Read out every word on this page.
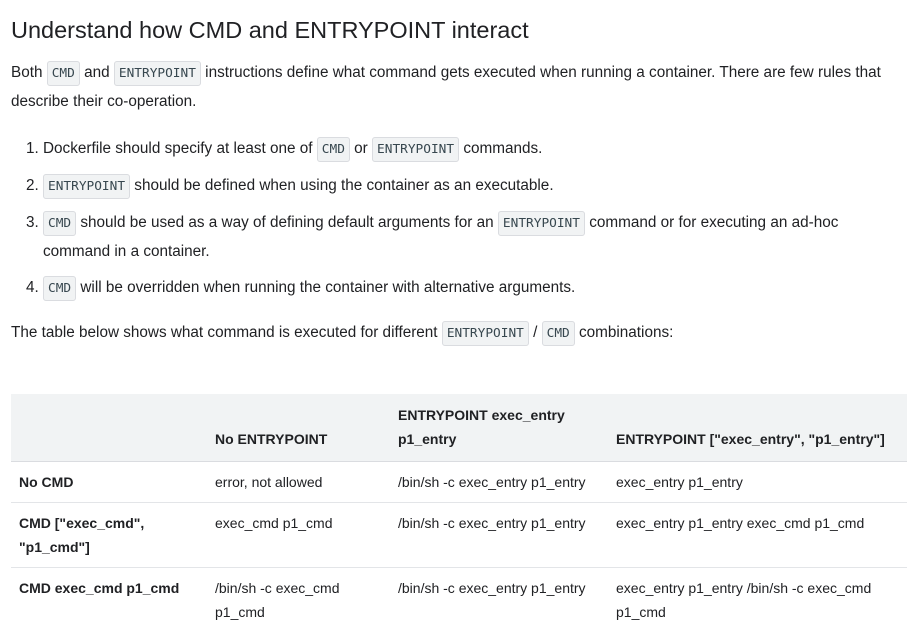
Understand how CMD and ENTRYPOINT interact

Both CMD and ENTRYPOINT instructions define what command gets executed when running a container. There are few rules that describe their co-operation.

1. Dockerfile should specify at least one of CMD or ENTRYPOINT commands.
2. ENTRYPOINT should be defined when using the container as an executable.
3. CMD should be used as a way of defining default arguments for an ENTRYPOINT command or for executing an ad-hoc command in a container.
4. CMD will be overridden when running the container with alternative arguments.

The table below shows what command is executed for different ENTRYPOINT / CMD combinations:

	No ENTRYPOINT	ENTRYPOINT exec_entry p1_entry	ENTRYPOINT ["exec_entry", "p1_entry"]
No CMD	error, not allowed	/bin/sh -c exec_entry p1_entry	exec_entry p1_entry
CMD ["exec_cmd", "p1_cmd"]	exec_cmd p1_cmd	/bin/sh -c exec_entry p1_entry	exec_entry p1_entry exec_cmd p1_cmd
CMD exec_cmd p1_cmd	/bin/sh -c exec_cmd p1_cmd	/bin/sh -c exec_entry p1_entry	exec_entry p1_entry /bin/sh -c exec_cmd p1_cmd
